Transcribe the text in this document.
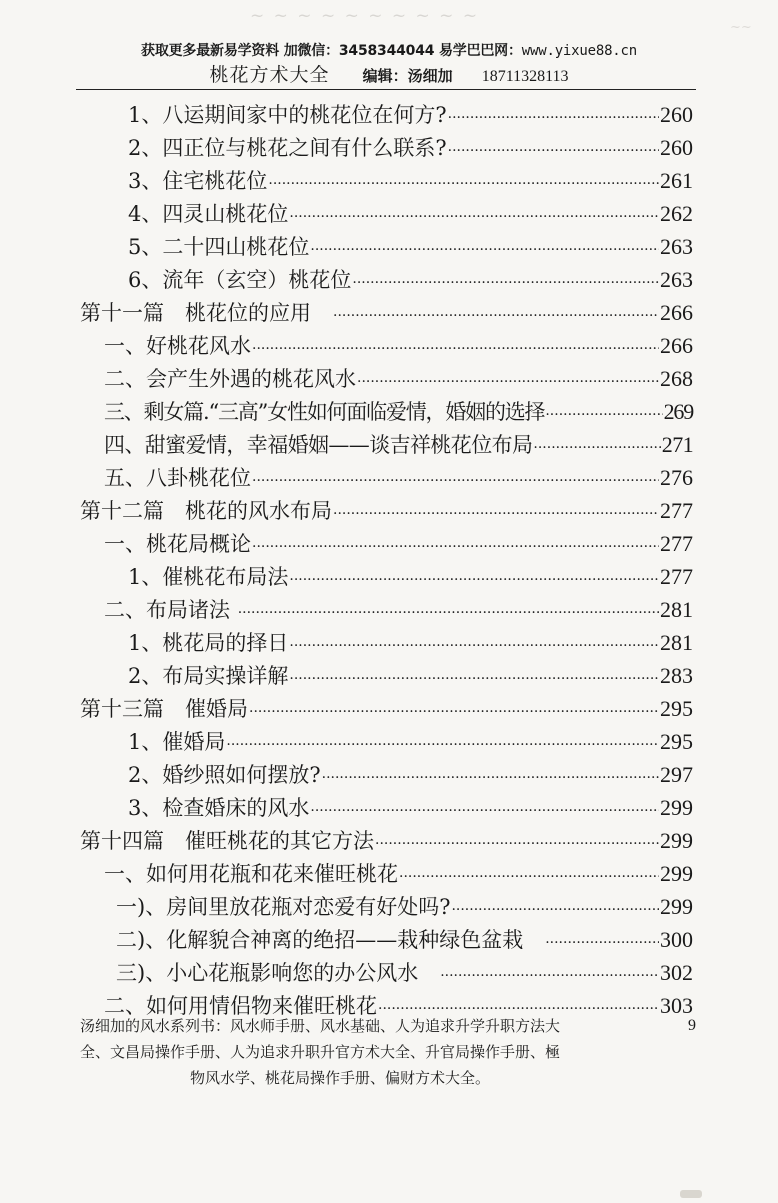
~ ~ ~ ~ ~ ~ ~ ~ ~ ~
~~
获取更多最新易学资料 加微信：3458344044 易学巴巴网：www.yixue88.cn
桃花方术大全 编辑：汤细加 18711328113
1、八运期间家中的桃花位在何方? ·····	260
2、四正位与桃花之间有什么联系? ·····	260
3、住宅桃花位 ·····	261
4、四灵山桃花位 ·····	262
5、二十四山桃花位 ·····	263
6、流年（玄空）桃花位 ·····	263
第十一篇　桃花位的应用　 ·····	266
一、好桃花风水 ·····	266
二、会产生外遇的桃花风水 ·····	268
三、剩女篇.“三高”女性如何面临爱情，婚姻的选择 ·····	269
四、甜蜜爱情，幸福婚姻——谈吉祥桃花位布局 ·····	271
五、八卦桃花位 ·····	276
第十二篇　桃花的风水布局 ·····	277
一、桃花局概论 ·····	277
1、催桃花布局法 ·····	277
二、布局诸法 ·····	281
1、桃花局的择日 ·····	281
2、布局实操详解 ·····	283
第十三篇　催婚局 ·····	295
1、催婚局 ·····	295
2、婚纱照如何摆放? ·····	297
3、检查婚床的风水 ·····	299
第十四篇　催旺桃花的其它方法 ·····	299
一、如何用花瓶和花来催旺桃花 ·····	299
一)、房间里放花瓶对恋爱有好处吗? ·····	299
二)、化解貌合神离的绝招——栽种绿色盆栽　 ·····	300
三)、小心花瓶影响您的办公风水　 ·····	302
二、如何用情侣物来催旺桃花 ·····	303
汤细加的风水系列书：风水师手册、风水基础、人为追求升学升职方法大	9
全、文昌局操作手册、人为追求升职升官方术大全、升官局操作手册、極
物风水学、桃花局操作手册、偏财方术大全。
